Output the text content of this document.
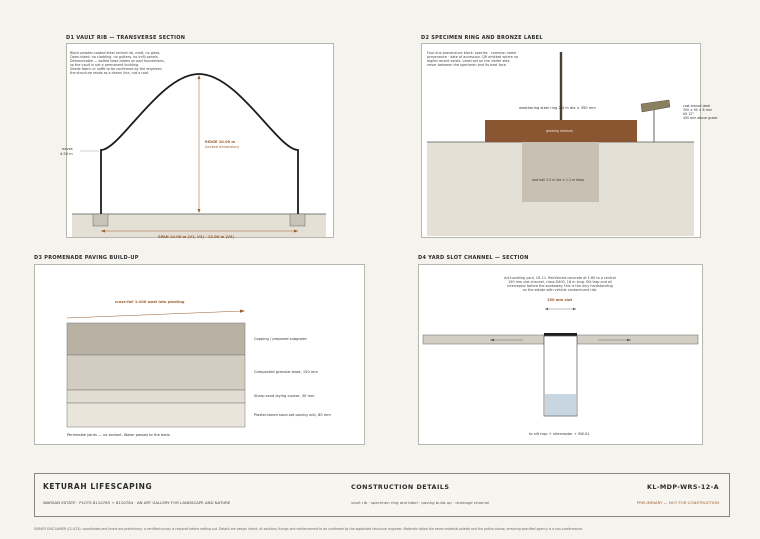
D1 VAULT RIB — TRANSVERSE SECTION
Black powder-coated steel arched rib, matt, no gloss.
Open-sided: no cladding, no gutters, no infill panels.
Demountable — bolted base plates on pad foundations,
so the vault is not a permanent building.
Shade fabric or soffit to be confirmed by the engineer;
the structure reads as a drawn line, not a roof.
eaves
4.50 m
RIDGE 10.00 m
(locked dimension)
SPAN 14.00 m (V1, V2) · 12.00 m (V3)
D2 SPECIMEN RING AND BRONZE LABEL
Four-line provenance block: species · common name ·
provenance · date of accession. QR omitted where no
digital record exists. Label set on the visitor side,
never between the specimen and its best face.
weathering steel ring 2.4 m dia × 350 mm
growing medium
root ball 2.5 m dia × 1.1 m deep
cast bronze label
300 × 90 × 8 mm
tilt 12°
450 mm above grade
D3 PROMENADE PAVING BUILD-UP
cross-fall 1:100 west into planting
Capping / prepared subgrade
Compacted granular base, 150 mm
Sharp sand laying course, 30 mm
Plaster-toned sand-set paving unit, 80 mm
Permeable joints — no sealant. Water passes to the beds.
D4 YARD SLOT CHANNEL — SECTION
Art-handling yard, C6-11. Reinforced concrete at 1:80 to a central
150 mm slot channel, class D400, 18 m long. Silt trap and oil
interceptor before the soakaway: this is the only hardstanding
on the estate with vehicle contaminant risk.
150 mm slot
to silt trap + interceptor + SW-01
KETURAH LIFESCAPING
WARSAN ESTATE · PLOTS 8110785 + 8110784 · AN ART GALLERY FOR LANDSCAPE AND NATURE
CONSTRUCTION DETAILS
vault rib · specimen ring and label · paving build-up · drainage channel
KL-MDP-WRS-12-A
PRELIMINARY — NOT FOR CONSTRUCTION
SURVEY DISCLAIMER (CL-023): coordinates and levels are preliminary; a certified survey is required before setting out. Details are design intent; all sections, fixings and reinforcement to be confirmed by the appointed structural engineer. Materials follow the seven-material palette and the patina clause; armoring specified agency is a non-conformance.
